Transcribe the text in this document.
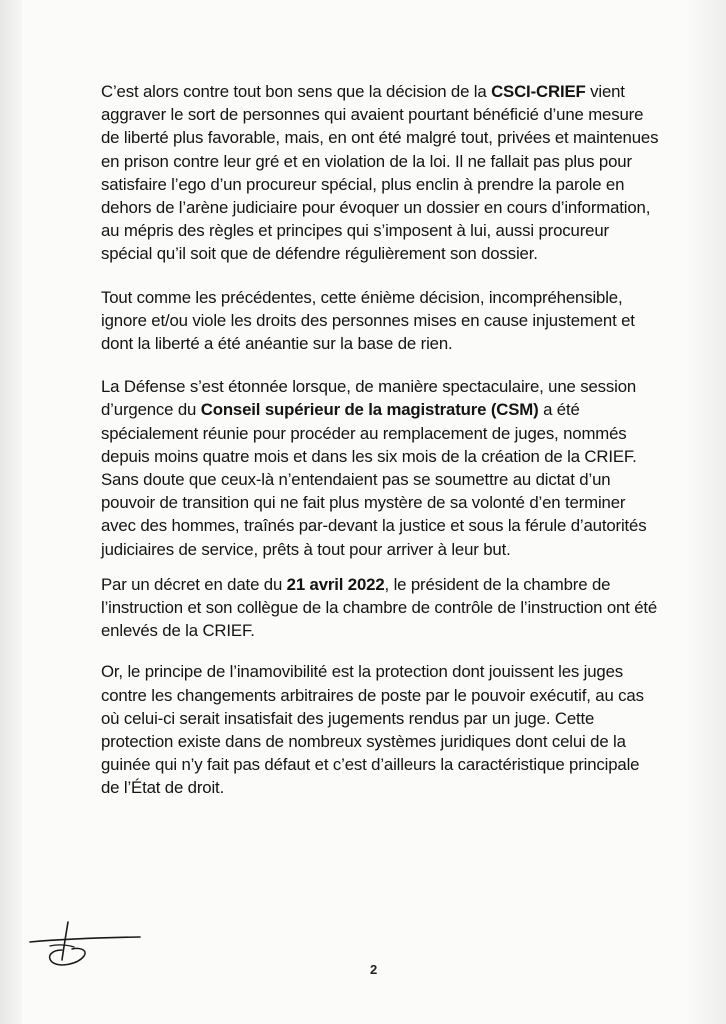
C’est alors contre tout bon sens que la décision de la CSCI-CRIEF vient aggraver le sort de personnes qui avaient pourtant bénéficié d’une mesure de liberté plus favorable, mais, en ont été malgré tout, privées et maintenues en prison contre leur gré et en violation de la loi. Il ne fallait pas plus pour satisfaire l’ego d’un procureur spécial, plus enclin à prendre la parole en dehors de l’arène judiciaire pour évoquer un dossier en cours d’information, au mépris des règles et principes qui s’imposent à lui, aussi procureur spécial qu’il soit que de défendre régulièrement son dossier.

Tout comme les précédentes, cette énième décision, incompréhensible, ignore et/ou viole les droits des personnes mises en cause injustement et dont la liberté a été anéantie sur la base de rien.

La Défense s’est étonnée lorsque, de manière spectaculaire, une session d’urgence du Conseil supérieur de la magistrature (CSM) a été spécialement réunie pour procéder au remplacement de juges, nommés depuis moins quatre mois et dans les six mois de la création de la CRIEF. Sans doute que ceux-là n’entendaient pas se soumettre au dictat d’un pouvoir de transition qui ne fait plus mystère de sa volonté d’en terminer avec des hommes, traînés par-devant la justice et sous la férule d’autorités judiciaires de service, prêts à tout pour arriver à leur but.

Par un décret en date du 21 avril 2022, le président de la chambre de l’instruction et son collègue de la chambre de contrôle de l’instruction ont été enlevés de la CRIEF.

Or, le principe de l’inamovibilité est la protection dont jouissent les juges contre les changements arbitraires de poste par le pouvoir exécutif, au cas où celui-ci serait insatisfait des jugements rendus par un juge. Cette protection existe dans de nombreux systèmes juridiques dont celui de la guinée qui n’y fait pas défaut et c’est d’ailleurs la caractéristique principale de l’État de droit.

2
